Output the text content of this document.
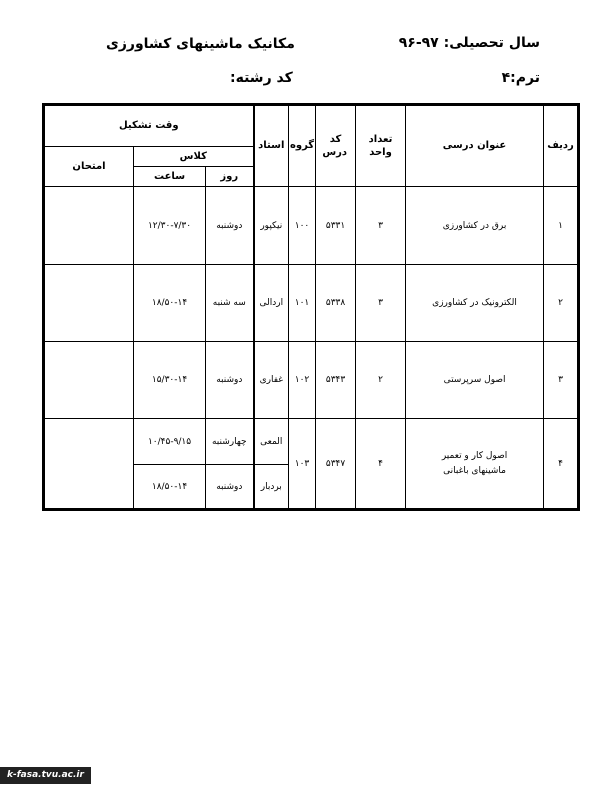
سال تحصیلی: ۹۷-۹۶
مکانیک ماشینهای کشاورزی
ترم:۴
کد رشته:
ردیف	عنوان درسی	تعداد واحد	کد درس	گروه	استاد	وقت تشکیل		
						کلاس		امتحان
						روز	ساعت	
۱	برق در کشاورزی	۳	۵۳۳۱	۱۰۰	نیکپور	دوشنبه	۱۲/۳۰-۷/۳۰	
۲	الکترونیک در کشاورزی	۳	۵۳۳۸	۱۰۱	اردالی	سه شنبه	۱۸/۵۰-۱۴	
۳	اصول سرپرستی	۲	۵۳۴۳	۱۰۲	غفاری	دوشنبه	۱۵/۳۰-۱۴	
۴	اصول کار و تعمیر ماشینهای باغبانی	۴	۵۳۴۷	۱۰۳	المعی	چهارشنبه	۱۰/۴۵-۹/۱۵	
					بردبار	دوشنبه	۱۸/۵۰-۱۴	
k-fasa.tvu.ac.ir
